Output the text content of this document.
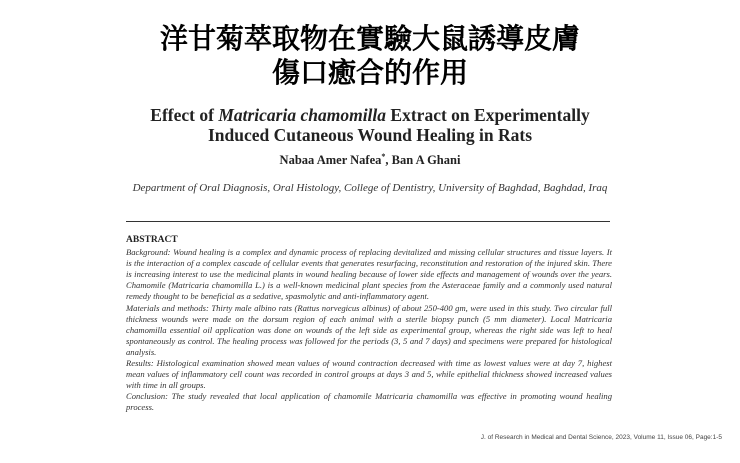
洋甘菊萃取物在實驗大鼠誘導皮膚
傷口癒合的作用
Effect of Matricaria chamomilla Extract on Experimentally
Induced Cutaneous Wound Healing in Rats
Nabaa Amer Nafea*, Ban A Ghani
Department of Oral Diagnosis, Oral Histology, College of Dentistry, University of Baghdad, Baghdad, Iraq
ABSTRACT

Background: Wound healing is a complex and dynamic process of replacing devitalized and missing cellular structures and tissue layers. It is the interaction of a complex cascade of cellular events that generates resurfacing, reconstitution and restoration of the injured skin. There is increasing interest to use the medicinal plants in wound healing because of lower side effects and management of wounds over the years. Chamomile (Matricaria chamomilla L.) is a well-known medicinal plant species from the Asteraceae family and a commonly used natural remedy thought to be beneficial as a sedative, spasmolytic and anti-inflammatory agent.

Materials and methods: Thirty male albino rats (Rattus norvegicus albinus) of about 250-400 gm, were used in this study. Two circular full thickness wounds were made on the dorsum region of each animal with a sterile biopsy punch (5 mm diameter). Local Matricaria chamomilla essential oil application was done on wounds of the left side as experimental group, whereas the right side was left to heal spontaneously as control. The healing process was followed for the periods (3, 5 and 7 days) and specimens were prepared for histological analysis.

Results: Histological examination showed mean values of wound contraction decreased with time as lowest values were at day 7, highest mean values of inflammatory cell count was recorded in control groups at days 3 and 5, while epithelial thickness showed increased values with time in all groups.

Conclusion: The study revealed that local application of chamomile Matricaria chamomilla was effective in promoting wound healing process.

J. of Research in Medical and Dental Science, 2023, Volume 11, Issue 06, Page:1-5
